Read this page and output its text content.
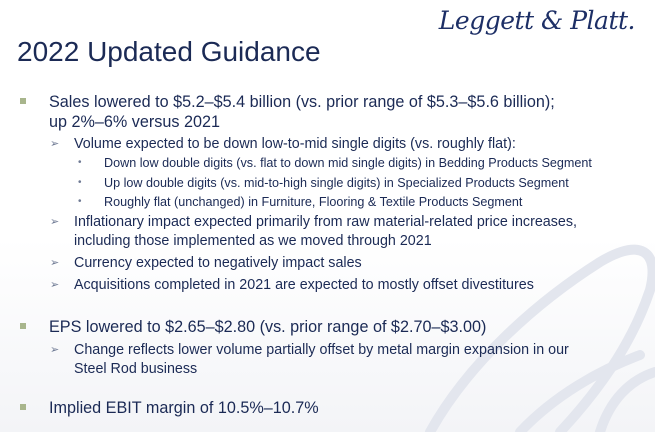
Leggett & Platt.
2022 Updated Guidance
Sales lowered to $5.2–$5.4 billion (vs. prior range of $5.3–$5.6 billion);
up 2%–6% versus 2021
➢ Volume expected to be down low-to-mid single digits (vs. roughly flat):
• Down low double digits (vs. flat to down mid single digits) in Bedding Products Segment
• Up low double digits (vs. mid-to-high single digits) in Specialized Products Segment
• Roughly flat (unchanged) in Furniture, Flooring & Textile Products Segment
➢ Inflationary impact expected primarily from raw material-related price increases,
including those implemented as we moved through 2021
➢ Currency expected to negatively impact sales
➢ Acquisitions completed in 2021 are expected to mostly offset divestitures
EPS lowered to $2.65–$2.80 (vs. prior range of $2.70–$3.00)
➢ Change reflects lower volume partially offset by metal margin expansion in our
Steel Rod business
Implied EBIT margin of 10.5%–10.7%
